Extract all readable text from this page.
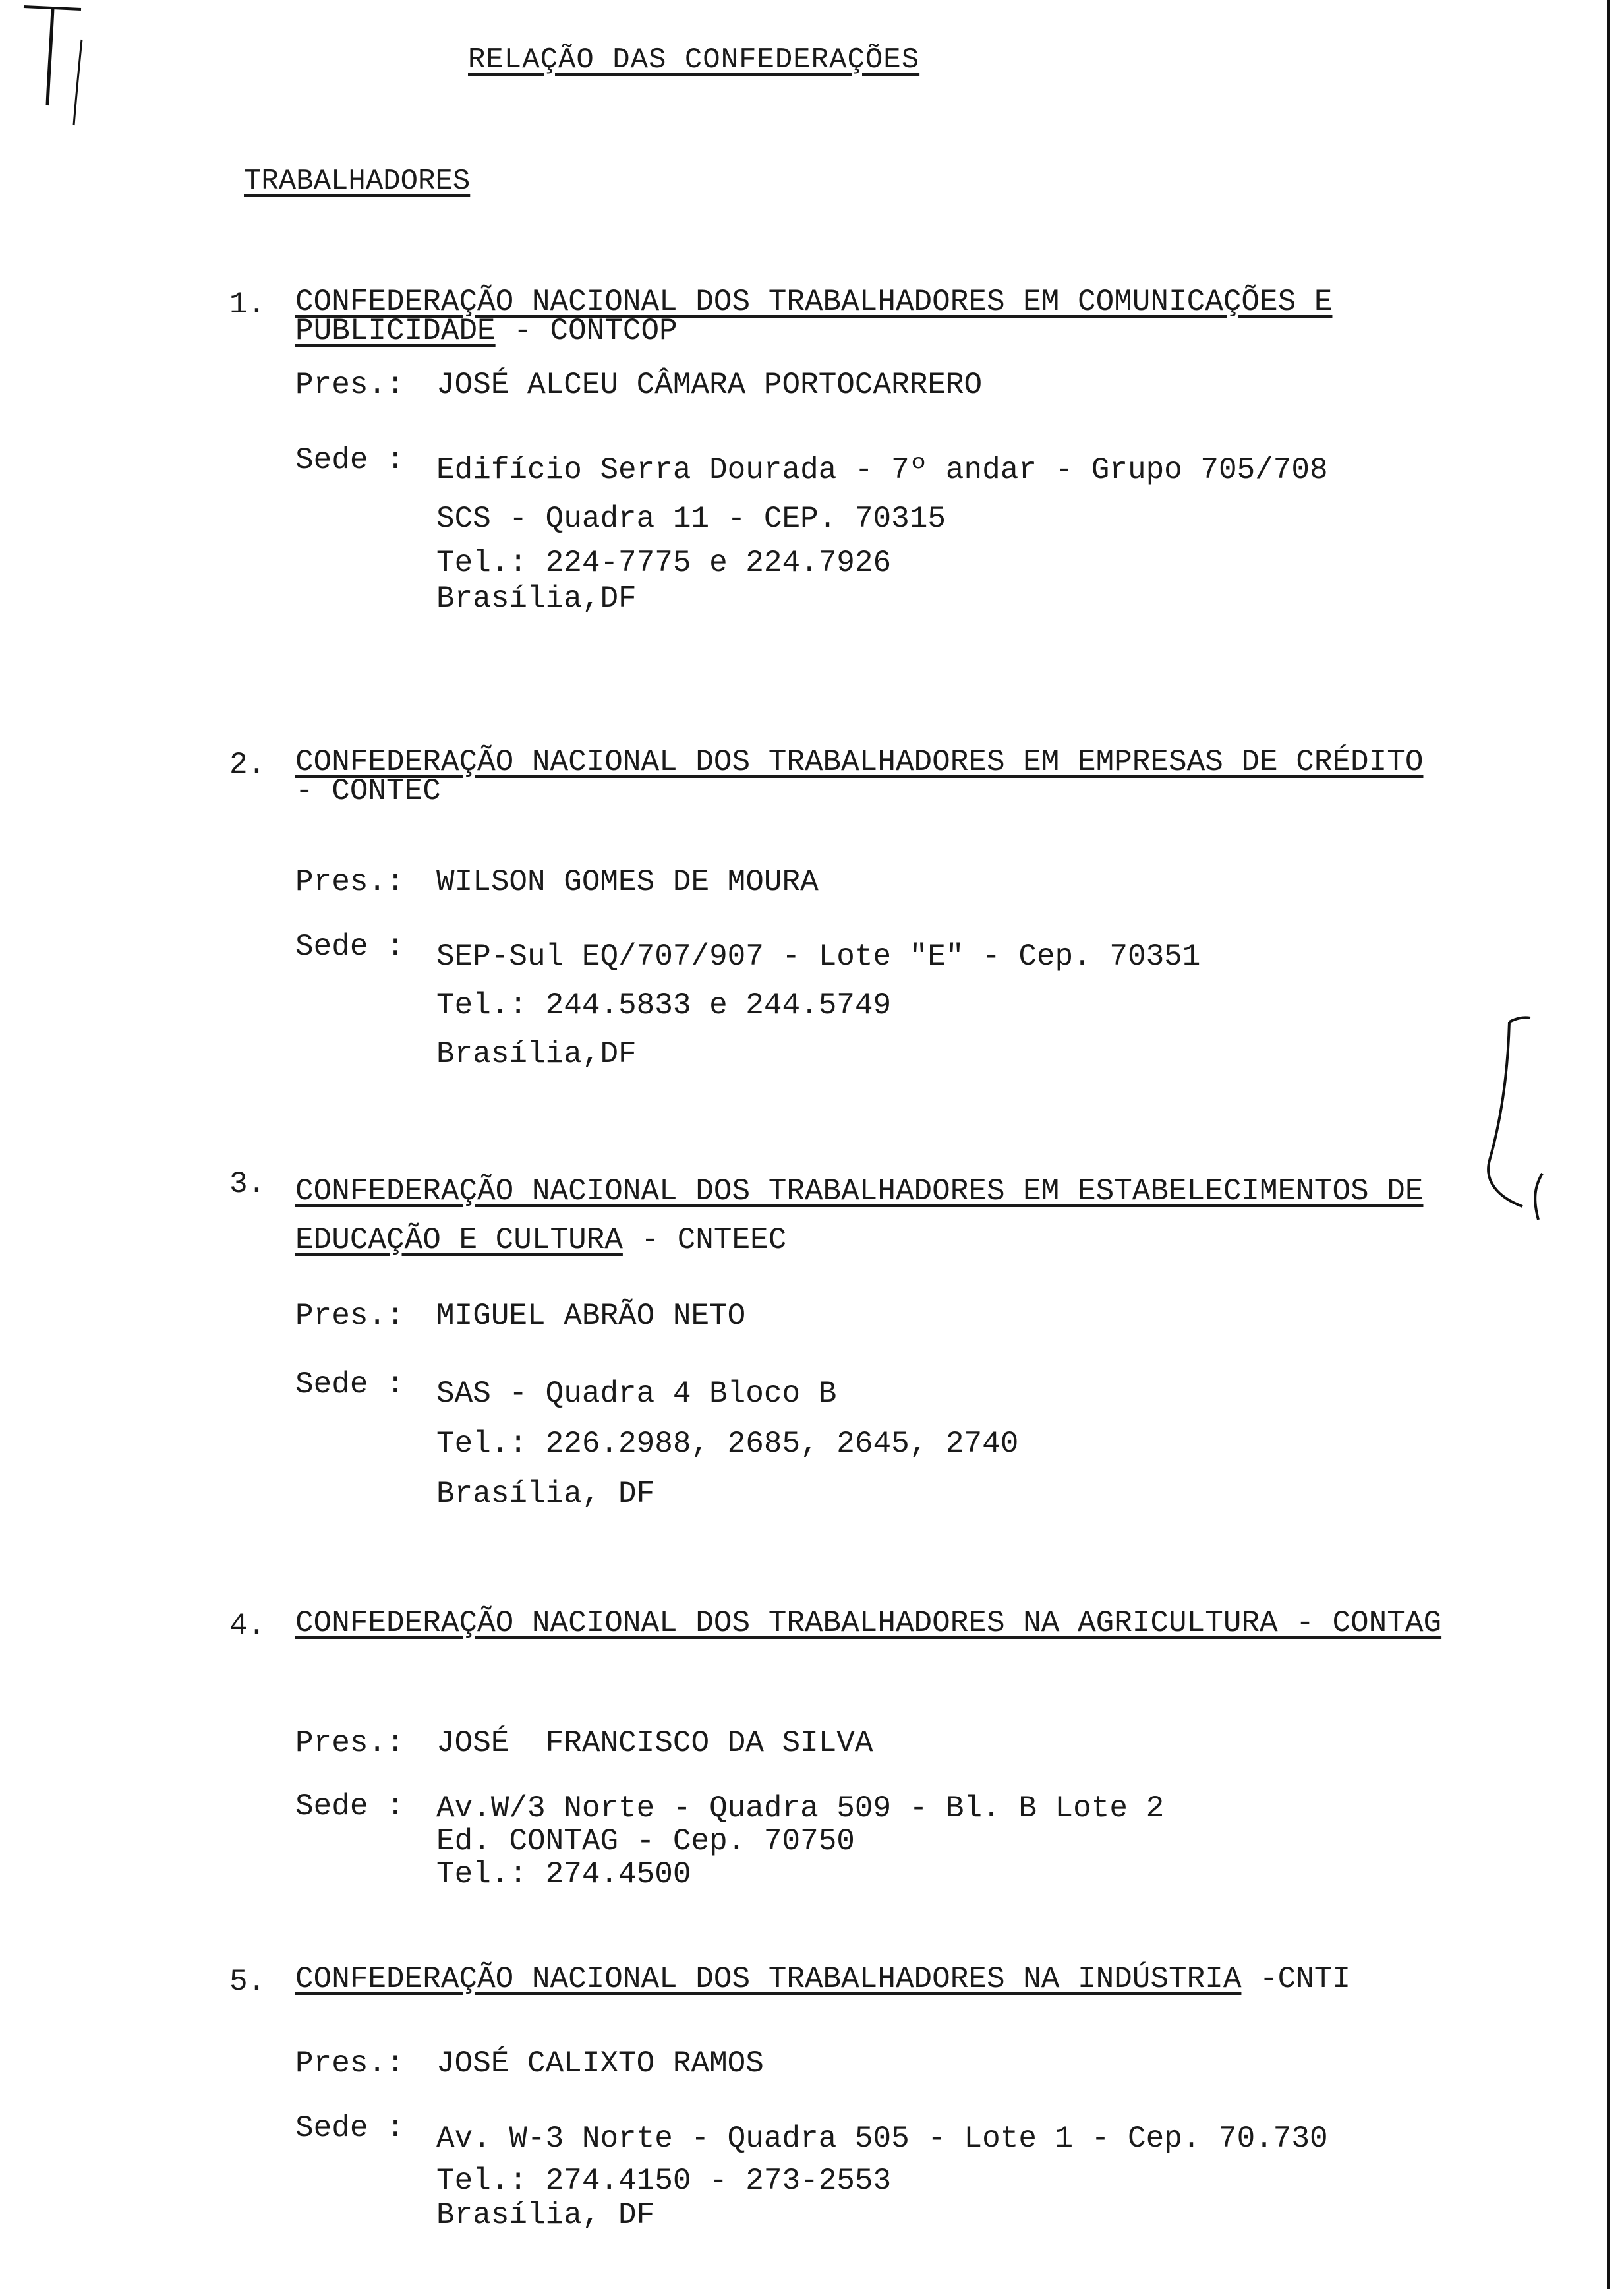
RELAÇÃO DAS CONFEDERAÇÕES
TRABALHADORES
1. CONFEDERAÇÃO NACIONAL DOS TRABALHADORES EM COMUNICAÇÕES E PUBLICIDADE - CONTCOP
Pres.: JOSÉ ALCEU CÂMARA PORTOCARRERO
Sede : Edifício Serra Dourada - 7º andar - Grupo 705/708
SCS - Quadra 11 - CEP. 70315
Tel.: 224-7775 e 224.7926
Brasília,DF
2. CONFEDERAÇÃO NACIONAL DOS TRABALHADORES EM EMPRESAS DE CRÉDITO - CONTEC
Pres.: WILSON GOMES DE MOURA
Sede : SEP-Sul EQ/707/907 - Lote "E" - Cep. 70351
Tel.: 244.5833 e 244.5749
Brasília,DF
3. CONFEDERAÇÃO NACIONAL DOS TRABALHADORES EM ESTABELECIMENTOS DE EDUCAÇÃO E CULTURA - CNTEEC
Pres.: MIGUEL ABRÃO NETO
Sede : SAS - Quadra 4 Bloco B
Tel.: 226.2988, 2685, 2645, 2740
Brasília, DF
4. CONFEDERAÇÃO NACIONAL DOS TRABALHADORES NA AGRICULTURA - CONTAG
Pres.: JOSÉ  FRANCISCO DA SILVA
Sede : Av.W/3 Norte - Quadra 509 - Bl. B Lote 2
Ed. CONTAG - Cep. 70750
Tel.: 274.4500
5. CONFEDERAÇÃO NACIONAL DOS TRABALHADORES NA INDÚSTRIA -CNTI
Pres.: JOSÉ CALIXTO RAMOS
Sede : Av. W-3 Norte - Quadra 505 - Lote 1 - Cep. 70.730
Tel.: 274.4150 - 273-2553
Brasília, DF
